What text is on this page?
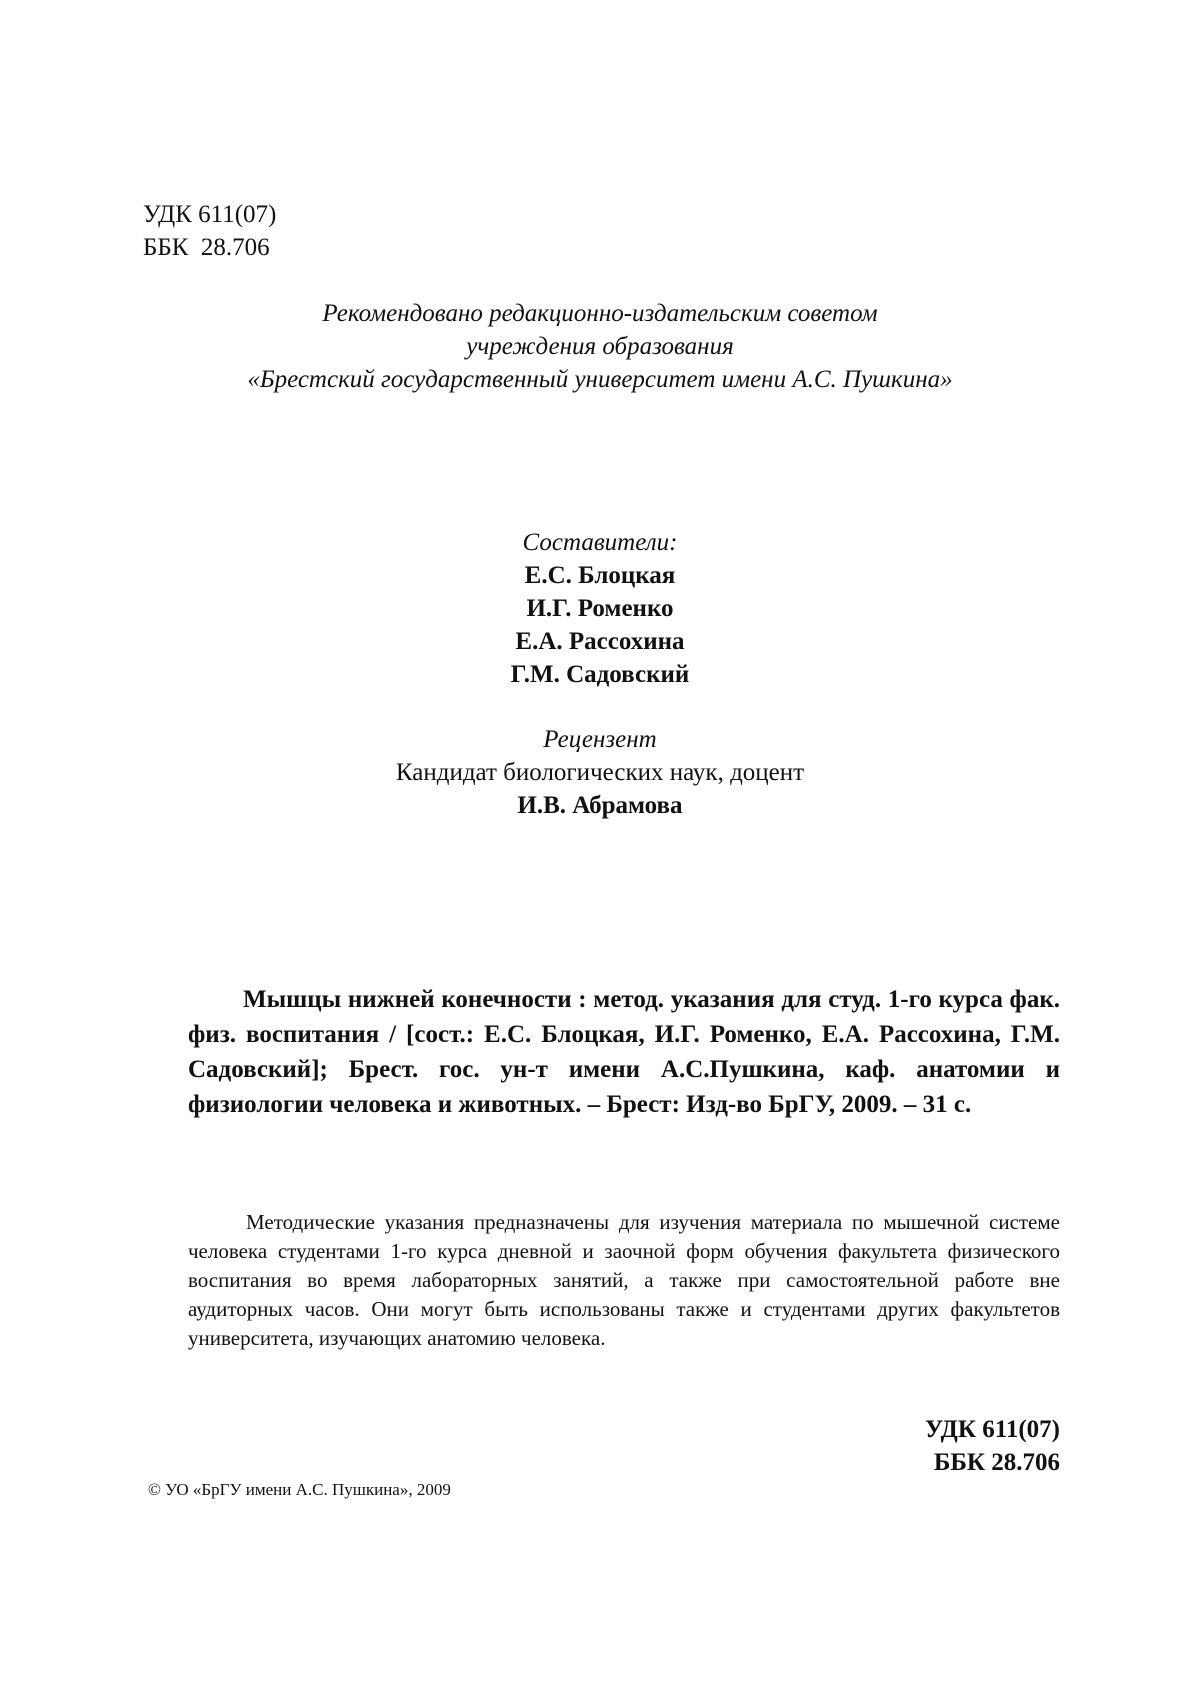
УДК 611(07)
ББК  28.706
Рекомендовано редакционно-издательским советом
учреждения образования
«Брестский государственный университет имени А.С. Пушкина»
Составители:
Е.С. Блоцкая
И.Г. Роменко
Е.А. Рассохина
Г.М. Садовский
Рецензент
Кандидат биологических наук, доцент
И.В. Абрамова

Мышцы нижней конечности : метод. указания для студ. 1-го курса фак. физ. воспитания / [сост.: Е.С. Блоцкая, И.Г. Роменко, Е.А. Рассохина, Г.М. Садовский]; Брест. гос. ун-т имени А.С.Пушкина, каф. анатомии и физиологии человека и животных. – Брест: Изд-во БрГУ, 2009. – 31 с.

Методические указания предназначены для изучения материала по мышечной системе человека студентами 1-го курса дневной и заочной форм обучения факультета физического воспитания во время лабораторных занятий, а также при самостоятельной работе вне аудиторных часов. Они могут быть использованы также и студентами других факультетов университета, изучающих анатомию человека.

УДК 611(07)
ББК 28.706
© УО «БрГУ имени А.С. Пушкина», 2009
